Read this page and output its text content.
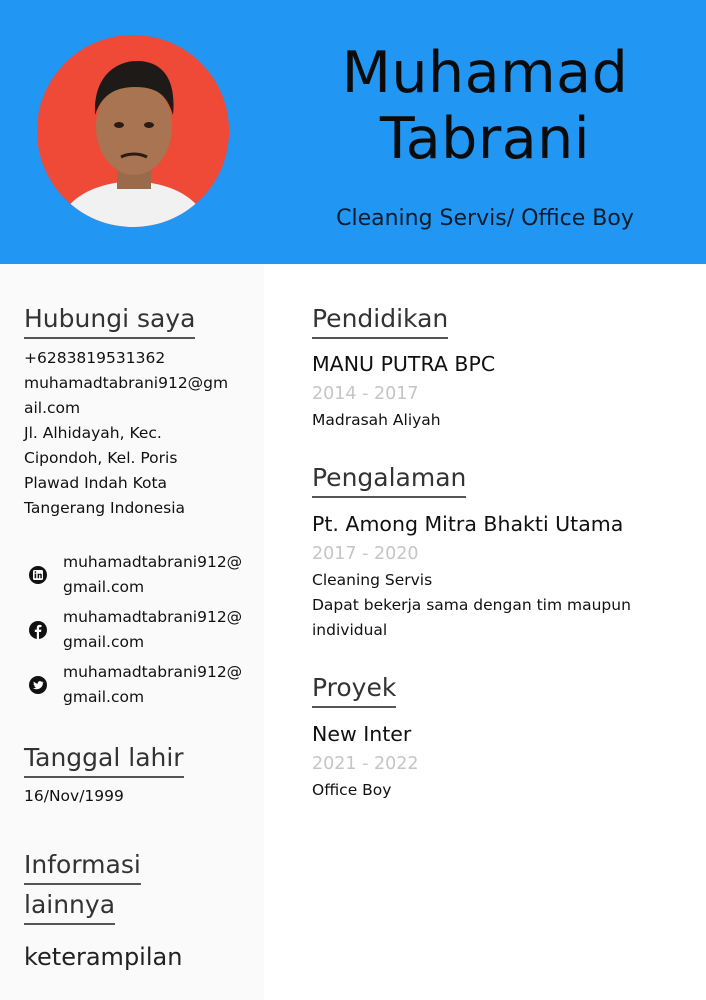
Muhamad
Tabrani
Cleaning Servis/ Office Boy
Hubungi saya
+6283819531362
muhamadtabrani912@gmail.com
Jl. Alhidayah, Kec. Cipondoh, Kel. Poris Plawad Indah Kota Tangerang Indonesia
muhamadtabrani912@gmail.com
muhamadtabrani912@gmail.com
muhamadtabrani912@gmail.com
Tanggal lahir
16/Nov/1999
Informasi
lainnya
keterampilan
Pendidikan
MANU PUTRA BPC
2014 - 2017
Madrasah Aliyah
Pengalaman
Pt. Among Mitra Bhakti Utama
2017 - 2020
Cleaning Servis
Dapat bekerja sama dengan tim maupun individual
Proyek
New Inter
2021 - 2022
Office Boy
